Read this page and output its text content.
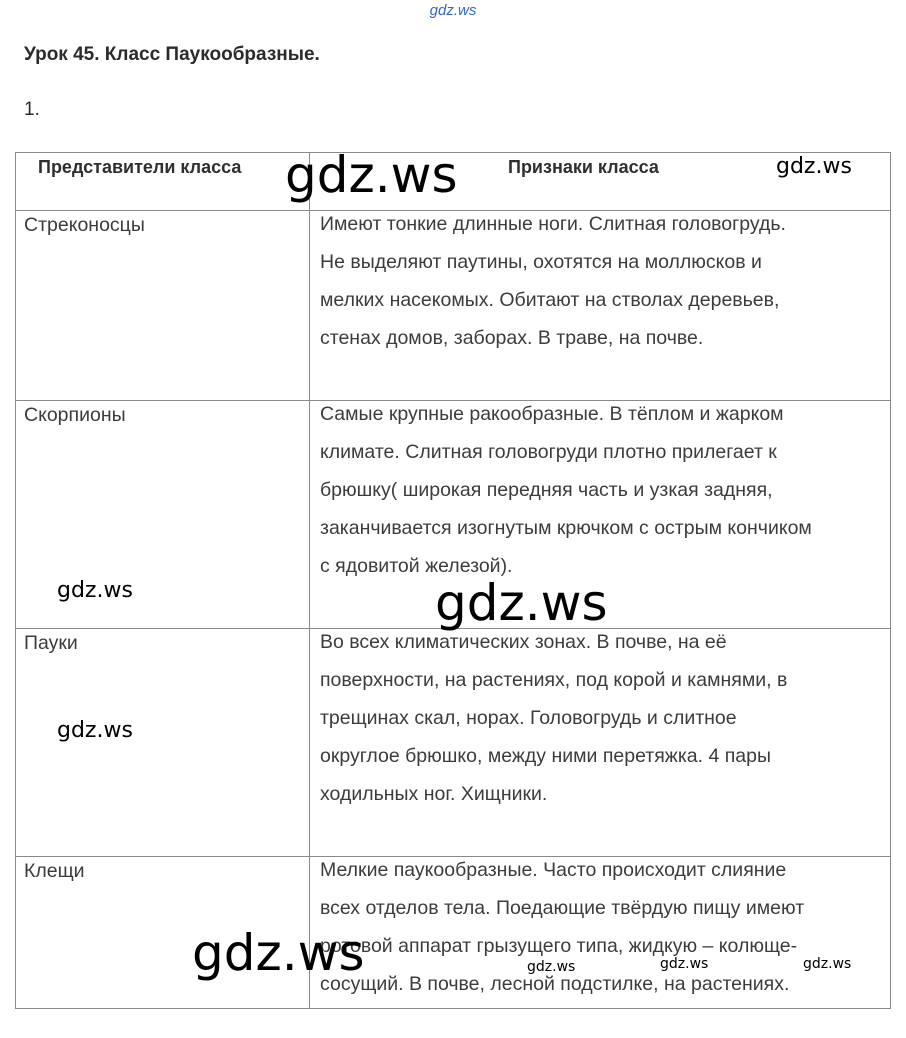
gdz.ws
Урок 45. Класс Паукообразные.
1.

Представители класса	Признаки класса
Стреконосцы	Имеют тонкие длинные ноги. Слитная головогрудь.
Не выделяют паутины, охотятся на моллюсков и
мелких насекомых. Обитают на стволах деревьев,
стенах домов, заборах. В траве, на почве.
Скорпионы	Самые крупные ракообразные. В тёплом и жарком
климате. Слитная головогруди плотно прилегает к
брюшку( широкая передняя часть и узкая задняя,
заканчивается изогнутым крючком с острым кончиком
с ядовитой железой).
Пауки	Во всех климатических зонах. В почве, на её
поверхности, на растениях, под корой и камнями, в
трещинах скал, норах. Головогрудь и слитное
округлое брюшко, между ними перетяжка. 4 пары
ходильных ног. Хищники.
Клещи	Мелкие паукообразные. Часто происходит слияние
всех отделов тела. Поедающие твёрдую пищу имеют
ротовой аппарат грызущего типа, жидкую – колюще-
сосущий. В почве, лесной подстилке, на растениях.
gdz.ws	gdz.ws
gdz.ws
gdz.ws
gdz.ws
gdz.ws	gdz.ws	gdz.ws	gdz.ws
